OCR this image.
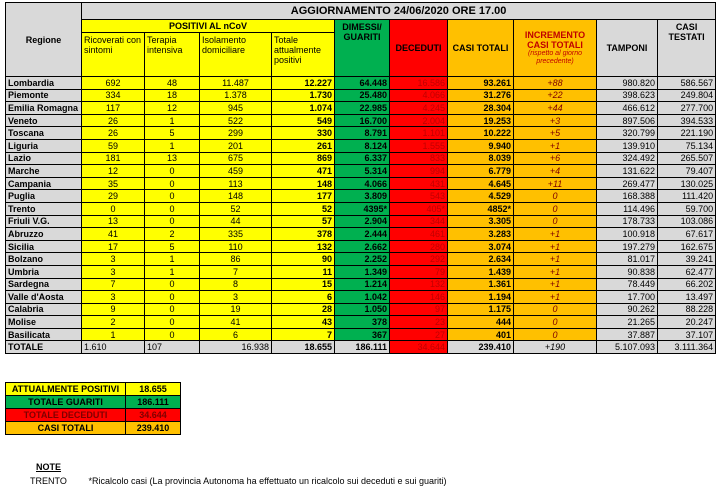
Regione	AGGIORNAMENTO 24/06/2020 ORE 17.00									
	POSITIVI AL nCoV				DIMESSI/ GUARITI	DECEDUTI	CASI TOTALI	INCREMENTO CASI TOTALI
(rispetto al giorno precedente)	TAMPONI	CASI TESTATI
	Ricoverati con sintomi	Terapia intensiva	Isolamento domiciliare	Totale attualmente positivi						
Lombardia	692	48	11.487	12.227	64.448	16.586	93.261	+88	980.820	586.567
Piemonte	334	18	1.378	1.730	25.480	4.066	31.276	+22	398.623	249.804
Emilia Romagna	117	12	945	1.074	22.985	4.245	28.304	+44	466.612	277.700
Veneto	26	1	522	549	16.700	2.004	19.253	+3	897.506	394.533
Toscana	26	5	299	330	8.791	1.101	10.222	+5	320.799	221.190
Liguria	59	1	201	261	8.124	1.555	9.940	+1	139.910	75.134
Lazio	181	13	675	869	6.337	833	8.039	+6	324.492	265.507
Marche	12	0	459	471	5.314	994	6.779	+4	131.622	79.407
Campania	35	0	113	148	4.066	431	4.645	+11	269.477	130.025
Puglia	29	0	148	177	3.809	543	4.529	0	168.388	111.420
Trento	0	0	52	52	4395*	405*	4852*	0	114.496	59.700
Friuli V.G.	13	0	44	57	2.904	344	3.305	0	178.733	103.086
Abruzzo	41	2	335	378	2.444	461	3.283	+1	100.918	67.617
Sicilia	17	5	110	132	2.662	280	3.074	+1	197.279	162.675
Bolzano	3	1	86	90	2.252	292	2.634	+1	81.017	39.241
Umbria	3	1	7	11	1.349	79	1.439	+1	90.838	62.477
Sardegna	7	0	8	15	1.214	132	1.361	+1	78.449	66.202
Valle d'Aosta	3	0	3	6	1.042	146	1.194	+1	17.700	13.497
Calabria	9	0	19	28	1.050	97	1.175	0	90.262	88.228
Molise	2	0	41	43	378	23	444	0	21.265	20.247
Basilicata	1	0	6	7	367	27	401	0	37.887	37.107
TOTALE	1.610	107	16.938	18.655	186.111	34.644	239.410	+190	5.107.093	3.111.364
ATTUALMENTE POSITIVI	18.655
TOTALE GUARITI	186.111
TOTALE DECEDUTI	34.644
CASI TOTALI	239.410
NOTE
TRENTO *Ricalcolo casi (La provincia Autonoma ha effettuato un ricalcolo sui deceduti e sui guariti)
